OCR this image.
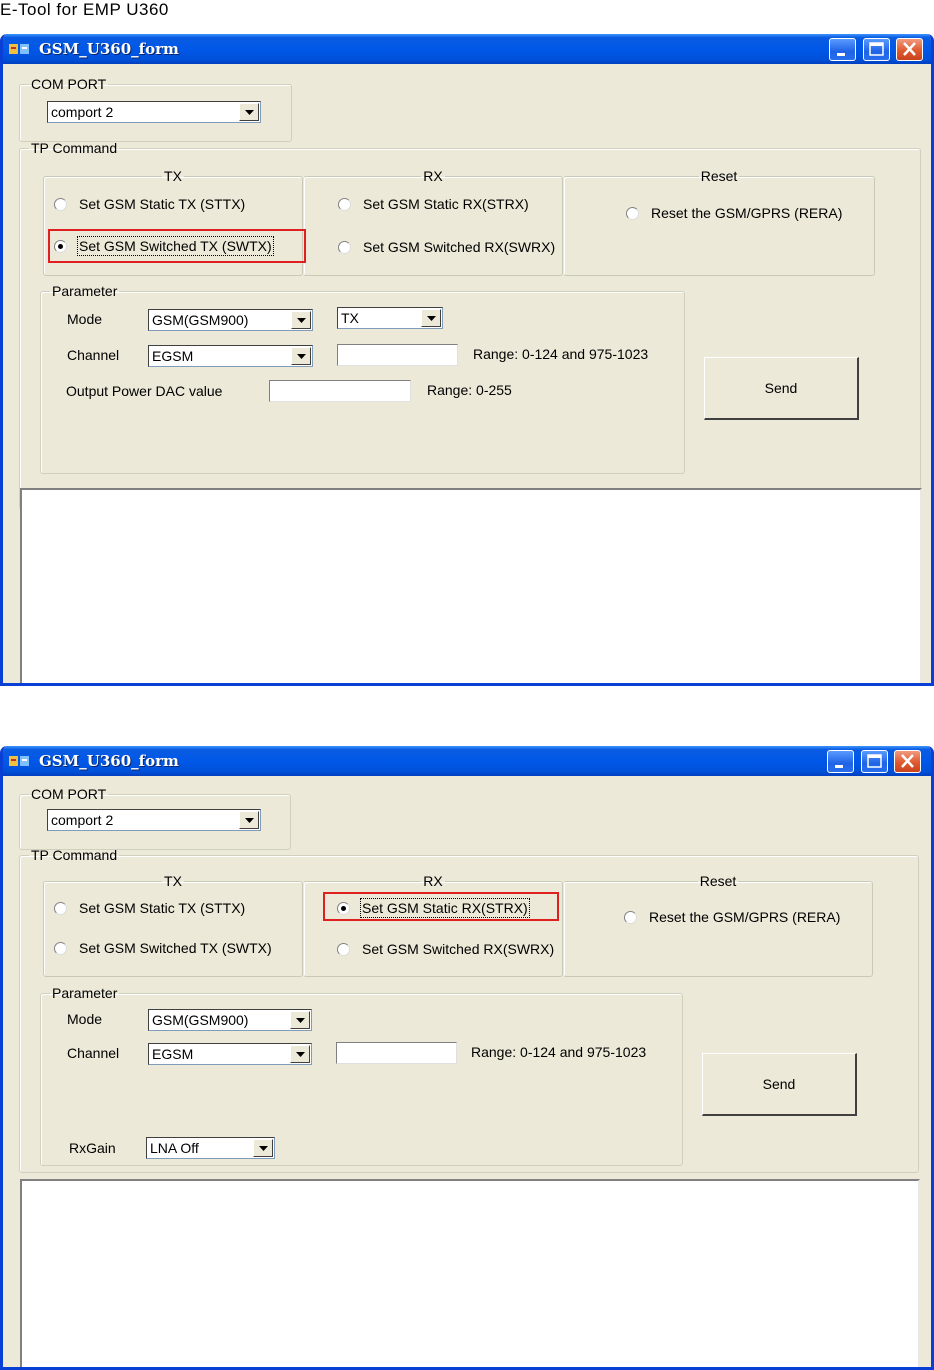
E-Tool for EMP U360
GSM_U360_form
COM PORT
comport 2
TP Command
TX	RX	Reset
Set GSM Static TX (STTX)
Set GSM Switched TX (SWTX)
Set GSM Static RX(STRX)
Set GSM Switched RX(SWRX)
Reset the GSM/GPRS (RERA)
Parameter
Mode	GSM(GSM900)	TX
Channel EGSM	Range: 0-124 and 975-1023
Output Power DAC value	Range: 0-255	Send
GSM_U360_form
COM PORT
comport 2
TP Command
TX	RX	Reset
Set GSM Static TX (STTX)
Set GSM Switched TX (SWTX)
Set GSM Static RX(STRX)
Set GSM Switched RX(SWRX)
Reset the GSM/GPRS (RERA)
Parameter
Mode	GSM(GSM900)
Channel EGSM	Range: 0-124 and 975-1023
RxGain LNA Off
Send
